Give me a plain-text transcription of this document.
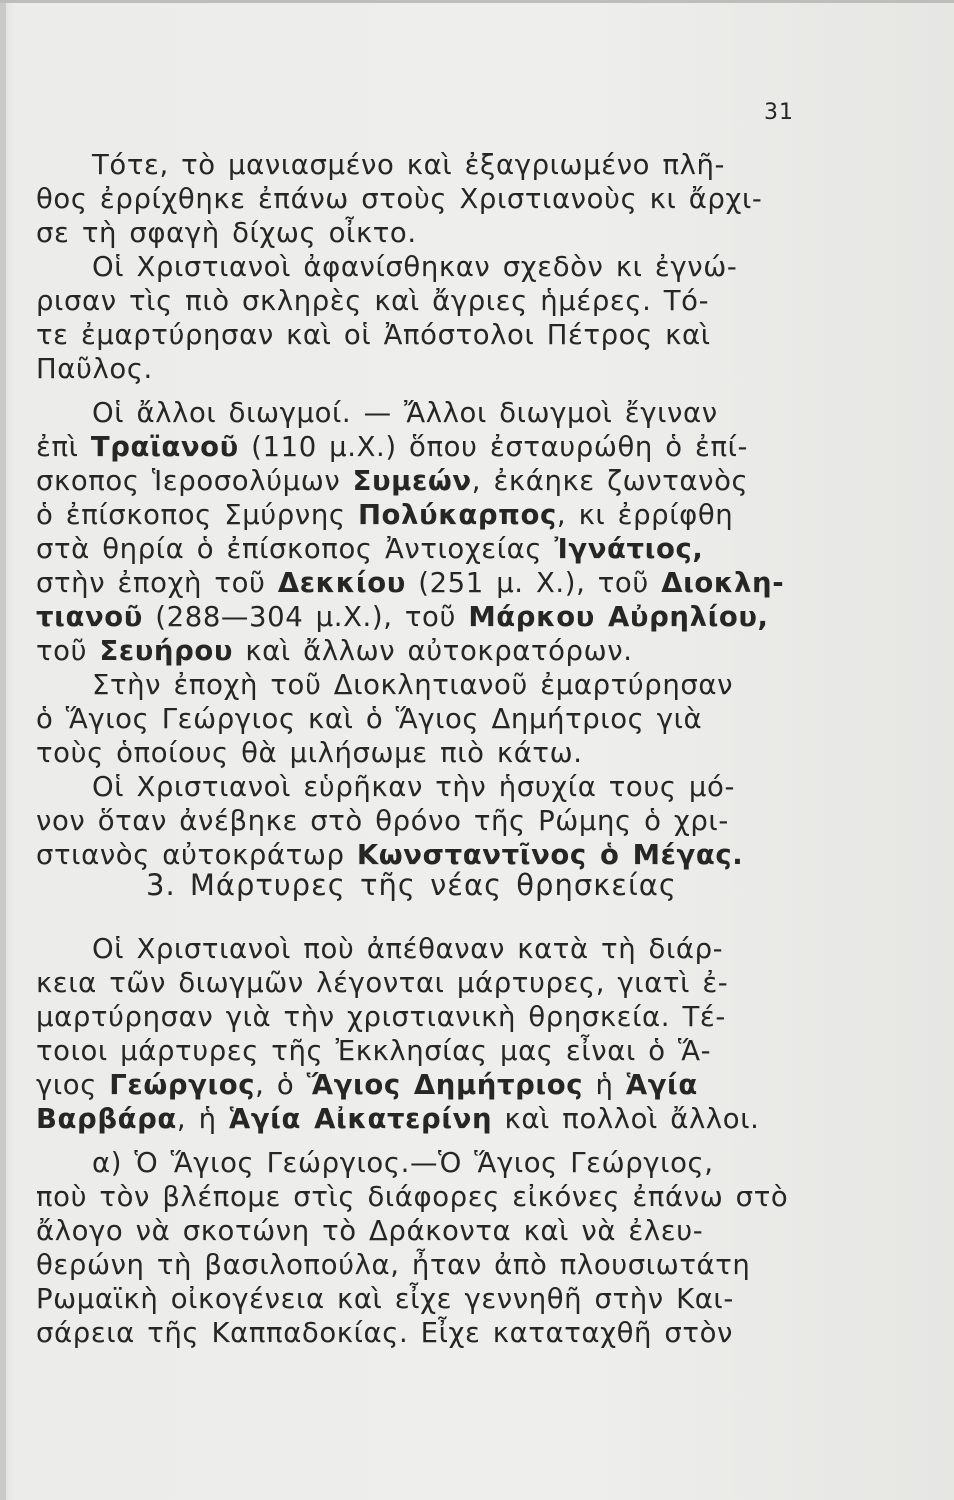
31
Τότε, τὸ μανιασμένο καὶ ἐξαγριωμένο πλῆ-
θος ἐρρίχθηκε ἐπάνω στοὺς Χριστιανοὺς κι ἄρχι-
σε τὴ σφαγὴ δίχως οἶκτο.
Οἱ Χριστιανοὶ ἀφανίσθηκαν σχεδὸν κι ἐγνώ-
ρισαν τὶς πιὸ σκληρὲς καὶ ἄγριες ἡμέρες. Τό-
τε ἐμαρτύρησαν καὶ οἱ Ἀπόστολοι Πέτρος καὶ
Παῦλος.
Οἱ ἄλλοι διωγμοί. — Ἄλλοι διωγμοὶ ἔγιναν
ἐπὶ Τραϊανοῦ (110 μ.Χ.) ὅπου ἐσταυρώθη ὁ ἐπί-
σκοπος Ἱεροσολύμων Συμεών, ἐκάηκε ζωντανὸς
ὁ ἐπίσκοπος Σμύρνης Πολύκαρπος, κι ἐρρίφθη
στὰ θηρία ὁ ἐπίσκοπος Ἀντιοχείας Ἰγνάτιος,
στὴν ἐποχὴ τοῦ Δεκκίου (251 μ. Χ.), τοῦ Διοκλη-
τιανοῦ (288—304 μ.Χ.), τοῦ Μάρκου Αὐρηλίου,
τοῦ Σευήρου καὶ ἄλλων αὐτοκρατόρων.
Στὴν ἐποχὴ τοῦ Διοκλητιανοῦ ἐμαρτύρησαν
ὁ Ἅγιος Γεώργιος καὶ ὁ Ἅγιος Δημήτριος γιὰ
τοὺς ὁποίους θὰ μιλήσωμε πιὸ κάτω.
Οἱ Χριστιανοὶ εὑρῆκαν τὴν ἡσυχία τους μό-
νον ὅταν ἀνέβηκε στὸ θρόνο τῆς Ρώμης ὁ χρι-
στιανὸς αὐτοκράτωρ Κωνσταντῖνος ὁ Μέγας.
3. Μάρτυρες τῆς νέας θρησκείας
Οἱ Χριστιανοὶ ποὺ ἀπέθαναν κατὰ τὴ διάρ-
κεια τῶν διωγμῶν λέγονται μάρτυρες, γιατὶ ἐ-
μαρτύρησαν γιὰ τὴν χριστιανικὴ θρησκεία. Τέ-
τοιοι μάρτυρες τῆς Ἐκκλησίας μας εἶναι ὁ Ἅ-
γιος Γεώργιος, ὁ Ἅγιος Δημήτριος ἡ Ἁγία
Βαρβάρα, ἡ Ἁγία Αἰκατερίνη καὶ πολλοὶ ἄλλοι.
α) Ὁ Ἅγιος Γεώργιος.—Ὁ Ἅγιος Γεώργιος,
ποὺ τὸν βλέπομε στὶς διάφορες εἰκόνες ἐπάνω στὸ
ἄλογο νὰ σκοτώνη τὸ Δράκοντα καὶ νὰ ἐλευ-
θερώνη τὴ βασιλοπούλα, ἦταν ἀπὸ πλουσιωτάτη
Ρωμαϊκὴ οἰκογένεια καὶ εἶχε γεννηθῆ στὴν Και-
σάρεια τῆς Καππαδοκίας. Εἶχε καταταχθῆ στὸν
